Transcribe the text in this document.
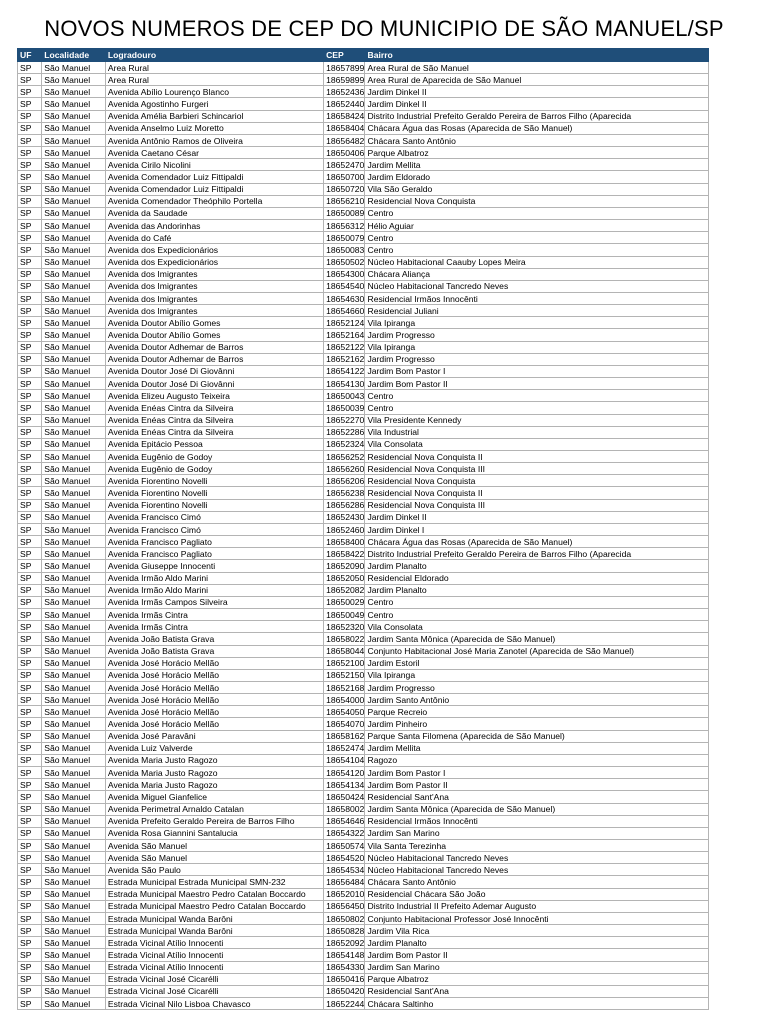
NOVOS NUMEROS DE CEP DO MUNICIPIO DE SÃO MANUEL/SP
UF	Localidade	Logradouro	CEP	Bairro
SP	São Manuel	Area Rural	18657899	Area Rural de São Manuel
SP	São Manuel	Area Rural	18659899	Area Rural de Aparecida de São Manuel
SP	São Manuel	Avenida Abílio Lourenço Blanco	18652436	Jardim Dinkel II
SP	São Manuel	Avenida Agostinho Furgeri	18652440	Jardim Dinkel II
SP	São Manuel	Avenida Amélia Barbieri Schincariol	18658424	Distrito Industrial Prefeito Geraldo Pereira de Barros Filho (Aparecida
SP	São Manuel	Avenida Anselmo Luiz Moretto	18658404	Chácara Água das Rosas (Aparecida de São Manuel)
SP	São Manuel	Avenida Antônio Ramos de Oliveira	18656482	Chácara Santo Antônio
SP	São Manuel	Avenida Caetano César	18650406	Parque Albatroz
SP	São Manuel	Avenida Cirilo Nicolini	18652470	Jardim Mellita
SP	São Manuel	Avenida Comendador Luiz Fittipaldi	18650700	Jardim Eldorado
SP	São Manuel	Avenida Comendador Luiz Fittipaldi	18650720	Vila São Geraldo
SP	São Manuel	Avenida Comendador Theóphilo Portella	18656210	Residencial Nova Conquista
SP	São Manuel	Avenida da Saudade	18650089	Centro
SP	São Manuel	Avenida das Andorinhas	18656312	Hélio Aguiar
SP	São Manuel	Avenida do Café	18650079	Centro
SP	São Manuel	Avenida dos Expedicionários	18650083	Centro
SP	São Manuel	Avenida dos Expedicionários	18650502	Núcleo Habitacional Caauby Lopes Meira
SP	São Manuel	Avenida dos Imigrantes	18654300	Chácara Aliança
SP	São Manuel	Avenida dos Imigrantes	18654540	Núcleo Habitacional Tancredo Neves
SP	São Manuel	Avenida dos Imigrantes	18654630	Residencial Irmãos Innocênti
SP	São Manuel	Avenida dos Imigrantes	18654660	Residencial Juliani
SP	São Manuel	Avenida Doutor Abílio Gomes	18652124	Vila Ipiranga
SP	São Manuel	Avenida Doutor Abílio Gomes	18652164	Jardim Progresso
SP	São Manuel	Avenida Doutor Adhemar de Barros	18652122	Vila Ipiranga
SP	São Manuel	Avenida Doutor Adhemar de Barros	18652162	Jardim Progresso
SP	São Manuel	Avenida Doutor José Di Giovânni	18654122	Jardim Bom Pastor I
SP	São Manuel	Avenida Doutor José Di Giovânni	18654130	Jardim Bom Pastor II
SP	São Manuel	Avenida Elizeu Augusto Teixeira	18650043	Centro
SP	São Manuel	Avenida Enéas Cintra da Silveira	18650039	Centro
SP	São Manuel	Avenida Enéas Cintra da Silveira	18652270	Vila Presidente Kennedy
SP	São Manuel	Avenida Enéas Cintra da Silveira	18652286	Vila Industrial
SP	São Manuel	Avenida Epitácio Pessoa	18652324	Vila Consolata
SP	São Manuel	Avenida Eugênio de Godoy	18656252	Residencial Nova Conquista II
SP	São Manuel	Avenida Eugênio de Godoy	18656260	Residencial Nova Conquista III
SP	São Manuel	Avenida Fiorentino Novelli	18656206	Residencial Nova Conquista
SP	São Manuel	Avenida Fiorentino Novelli	18656238	Residencial Nova Conquista II
SP	São Manuel	Avenida Fiorentino Novelli	18656286	Residencial Nova Conquista III
SP	São Manuel	Avenida Francisco Cimó	18652430	Jardim Dinkel II
SP	São Manuel	Avenida Francisco Cimó	18652460	Jardim Dinkel I
SP	São Manuel	Avenida Francisco Pagliato	18658400	Chácara Água das Rosas (Aparecida de São Manuel)
SP	São Manuel	Avenida Francisco Pagliato	18658422	Distrito Industrial Prefeito Geraldo Pereira de Barros Filho (Aparecida
SP	São Manuel	Avenida Giuseppe Innocenti	18652090	Jardim Planalto
SP	São Manuel	Avenida Irmão Aldo Marini	18652050	Residencial Eldorado
SP	São Manuel	Avenida Irmão Aldo Marini	18652082	Jardim Planalto
SP	São Manuel	Avenida Irmãs Campos Silveira	18650029	Centro
SP	São Manuel	Avenida Irmãs Cintra	18650049	Centro
SP	São Manuel	Avenida Irmãs Cintra	18652320	Vila Consolata
SP	São Manuel	Avenida João Batista Grava	18658022	Jardim Santa Mônica (Aparecida de São Manuel)
SP	São Manuel	Avenida João Batista Grava	18658044	Conjunto Habitacional José Maria Zanotel (Aparecida de São Manuel)
SP	São Manuel	Avenida José Horácio Mellão	18652100	Jardim Estoril
SP	São Manuel	Avenida José Horácio Mellão	18652150	Vila Ipiranga
SP	São Manuel	Avenida José Horácio Mellão	18652168	Jardim Progresso
SP	São Manuel	Avenida José Horácio Mellão	18654000	Jardim Santo Antônio
SP	São Manuel	Avenida José Horácio Mellão	18654050	Parque Recreio
SP	São Manuel	Avenida José Horácio Mellão	18654070	Jardim Pinheiro
SP	São Manuel	Avenida José Paravâni	18658162	Parque Santa Filomena (Aparecida de São Manuel)
SP	São Manuel	Avenida Luiz Valverde	18652474	Jardim Mellita
SP	São Manuel	Avenida Maria Justo Ragozo	18654104	Ragozo
SP	São Manuel	Avenida Maria Justo Ragozo	18654120	Jardim Bom Pastor I
SP	São Manuel	Avenida Maria Justo Ragozo	18654134	Jardim Bom Pastor II
SP	São Manuel	Avenida Miguel Gianfelice	18650424	Residencial Sant'Ana
SP	São Manuel	Avenida Perimetral Arnaldo Catalan	18658002	Jardim Santa Mônica (Aparecida de São Manuel)
SP	São Manuel	Avenida Prefeito Geraldo Pereira de Barros Filho	18654646	Residencial Irmãos Innocênti
SP	São Manuel	Avenida Rosa Giannini Santalucia	18654322	Jardim San Marino
SP	São Manuel	Avenida São Manuel	18650574	Vila Santa Terezinha
SP	São Manuel	Avenida São Manuel	18654520	Núcleo Habitacional Tancredo Neves
SP	São Manuel	Avenida São Paulo	18654534	Núcleo Habitacional Tancredo Neves
SP	São Manuel	Estrada Municipal Estrada Municipal SMN-232	18656484	Chácara Santo Antônio
SP	São Manuel	Estrada Municipal Maestro Pedro Catalan Boccardo	18652010	Residencial Chácara São João
SP	São Manuel	Estrada Municipal Maestro Pedro Catalan Boccardo	18656450	Distrito Industrial II Prefeito Ademar Augusto
SP	São Manuel	Estrada Municipal Wanda Barôni	18650802	Conjunto Habitacional Professor José Innocênti
SP	São Manuel	Estrada Municipal Wanda Barôni	18650828	Jardim Vila Rica
SP	São Manuel	Estrada Vicinal Atílio Innocenti	18652092	Jardim Planalto
SP	São Manuel	Estrada Vicinal Atílio Innocenti	18654148	Jardim Bom Pastor II
SP	São Manuel	Estrada Vicinal Atílio Innocenti	18654330	Jardim San Marino
SP	São Manuel	Estrada Vicinal José Cicarélli	18650416	Parque Albatroz
SP	São Manuel	Estrada Vicinal José Cicarélli	18650420	Residencial Sant'Ana
SP	São Manuel	Estrada Vicinal Nilo Lisboa Chavasco	18652244	Chácara Saltinho
